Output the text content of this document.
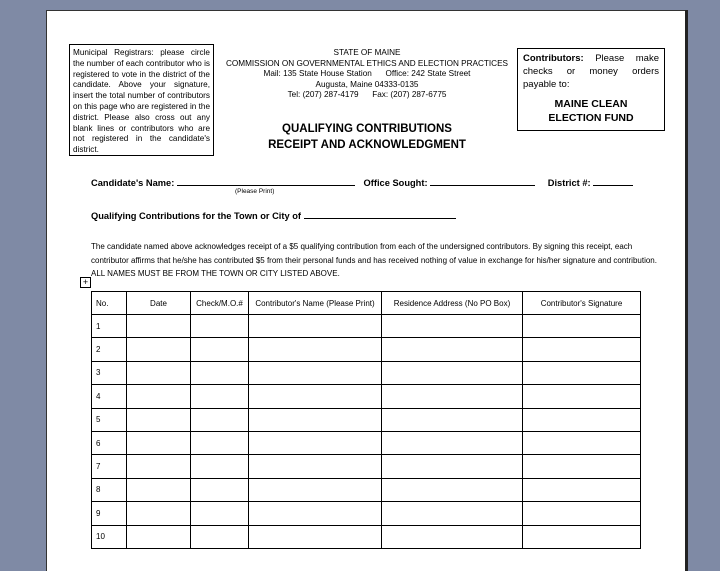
Municipal Registrars: please circle the number of each contributor who is registered to vote in the district of the candidate. Above your signature, insert the total number of contributors on this page who are registered in the district. Please also cross out any blank lines or contributors who are not registered in the candidate's district.
STATE OF MAINE
COMMISSION ON GOVERNMENTAL ETHICS AND ELECTION PRACTICES
Mail: 135 State House Station Office: 242 State Street
Augusta, Maine 04333-0135
Tel: (207) 287-4179 Fax: (207) 287-6775
QUALIFYING CONTRIBUTIONS
RECEIPT AND ACKNOWLEDGMENT
Contributors: Please make checks or money orders payable to:
MAINE CLEAN
ELECTION FUND
Candidate's Name:	Office Sought:	District #:
(Please Print)
Qualifying Contributions for the Town or City of
The candidate named above acknowledges receipt of a $5 qualifying contribution from each of the undersigned contributors. By signing this receipt, each contributor affirms that he/she has contributed $5 from their personal funds and has received nothing of value in exchange for his/her signature and contribution. ALL NAMES MUST BE FROM THE TOWN OR CITY LISTED ABOVE.
+
No.	Date	Check/M.O.#	Contributor's Name (Please Print)	Residence Address (No PO Box)	Contributor's Signature
1					
2					
3					
4					
5					
6					
7					
8					
9					
10					
